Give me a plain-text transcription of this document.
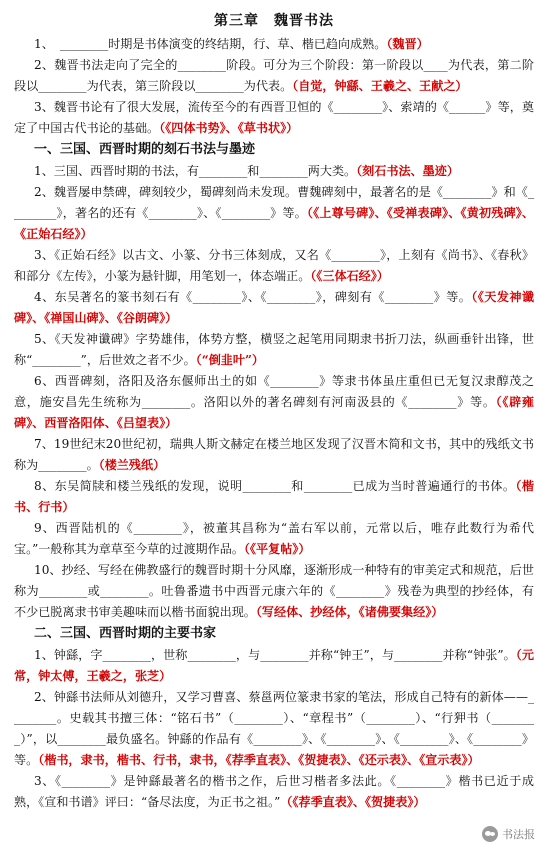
第三章　魏晋书法

1、　________时期是书体演变的终结期，行、草、楷已趋向成熟。（魏晋）

2、魏晋书法走向了完全的________阶段。可分为三个阶段：第一阶段以____为代表，第二阶段以________为代表，第三阶段以________为代表。（自觉，钟繇、王羲之、王献之）

3、魏晋书论有了很大发展，流传至今的有西晋卫恒的《________》、索靖的《______》等，奠定了中国古代书论的基础。（《四体书势》、《草书状》）

一、三国、西晋时期的刻石书法与墨迹

1、三国、西晋时期的书法，有________和________两大类。（刻石书法、墨迹）

2、魏晋屡申禁碑，碑刻较少，蜀碑刻尚未发现。曹魏碑刻中，最著名的是《________》和《________》，著名的还有《________》、《________》等。（《上尊号碑》、《受禅表碑》、《黄初残碑》、《正始石经》）

3、《正始石经》以古文、小篆、分书三体刻成，又名《________》，上刻有《尚书》、《春秋》和部分《左传》，小篆为悬针脚，用笔划一，体态端正。（《三体石经》）

4、东吴著名的篆书刻石有《________》、《________》，碑刻有《________》等。（《天发神谶碑》、《禅国山碑》、《谷朗碑》）

5、《天发神谶碑》字势雄伟，体势方整，横竖之起笔用同期隶书折刀法，纵画垂针出锋，世称“________”，后世效之者不少。（“倒韭叶”）

6、西晋碑刻，洛阳及洛东偃师出土的如《________》等隶书体虽庄重但已无复汉隶醇茂之意，施安昌先生统称为________。洛阳以外的著名碑刻有河南汲县的《________》等。（《辟雍碑》、西晋洛阳体、《吕望表》）

7、19世纪末20世纪初，瑞典人斯文赫定在楼兰地区发现了汉晋木简和文书，其中的残纸文书称为________。（楼兰残纸）

8、东吴简牍和楼兰残纸的发现，说明________和________已成为当时普遍通行的书体。（楷书、行书）

9、西晋陆机的《________》，被董其昌称为“盖右军以前，元常以后，唯存此数行为希代宝。”一般称其为章草至今草的过渡期作品。（《平复帖》）

10、抄经、写经在佛教盛行的魏晋时期十分风靡，逐渐形成一种特有的审美定式和规范，后世称为________或________。吐鲁番遗书中西晋元康六年的《________》残卷为典型的抄经体，有不少已脱离隶书审美趣味而以楷书面貌出现。（写经体、抄经体，《诸佛要集经》）

二、三国、西晋时期的主要书家

1、钟繇，字________，世称________，与________并称“钟王”，与________并称“钟张”。（元常，钟太傅，王羲之，张芝）

2、钟繇书法师从刘德升，又学习曹喜、蔡邕两位篆隶书家的笔法，形成自己特有的新体——________。史载其书擅三体：“铭石书”（________）、“章程书”（________）、“行狎书（________）”，以________最负盛名。钟繇的作品有《________》、《________》、《________》、《________》等。（楷书，隶书，楷书、行书，隶书，《荐季直表》、《贺捷表》、《还示表》、《宣示表》）

3、《________》是钟繇最著名的楷书之作，后世习楷者多法此。《________》楷书已近于成熟，《宣和书谱》评曰：“备尽法度，为正书之祖。”（《荐季直表》、《贺捷表》）

书法报
